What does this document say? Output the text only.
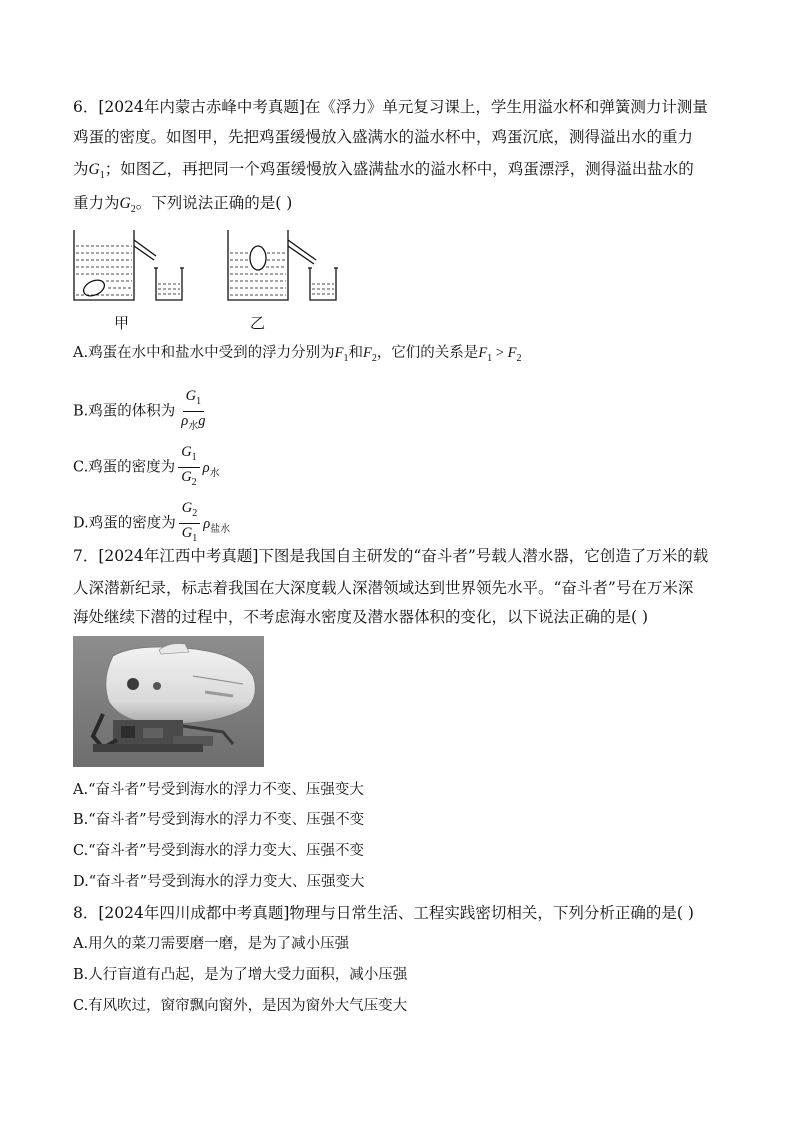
6．[2024年内蒙古赤峰中考真题]在《浮力》单元复习课上，学生用溢水杯和弹簧测力计测量
鸡蛋的密度。如图甲，先把鸡蛋缓慢放入盛满水的溢水杯中，鸡蛋沉底，测得溢出水的重力
为$G_1$；如图乙，再把同一个鸡蛋缓慢放入盛满盐水的溢水杯中，鸡蛋漂浮，测得溢出盐水的
重力为$G_2$。下列说法正确的是( )
甲	乙
A.鸡蛋在水中和盐水中受到的浮力分别为$F_1$和$F_2$，它们的关系是$F_1 > F_2$
B.鸡蛋的体积为 $\frac{G_1}{\rho_水g}$
C.鸡蛋的密度为 $\frac{G_1}{G_2} \rho_水$
D.鸡蛋的密度为 $\frac{G_2}{G_1} \rho_{盐水}$
7．[2024年江西中考真题]下图是我国自主研发的“奋斗者”号载人潜水器，它创造了万米的载
人深潜新纪录，标志着我国在大深度载人深潜领域达到世界领先水平。“奋斗者”号在万米深
海处继续下潜的过程中，不考虑海水密度及潜水器体积的变化，以下说法正确的是( )
A.“奋斗者”号受到海水的浮力不变、压强变大
B.“奋斗者”号受到海水的浮力不变、压强不变
C.“奋斗者”号受到海水的浮力变大、压强不变
D.“奋斗者”号受到海水的浮力变大、压强变大
8．[2024年四川成都中考真题]物理与日常生活、工程实践密切相关，下列分析正确的是( )
A.用久的菜刀需要磨一磨，是为了减小压强
B.人行盲道有凸起，是为了增大受力面积，减小压强
C.有风吹过，窗帘飘向窗外，是因为窗外大气压变大
